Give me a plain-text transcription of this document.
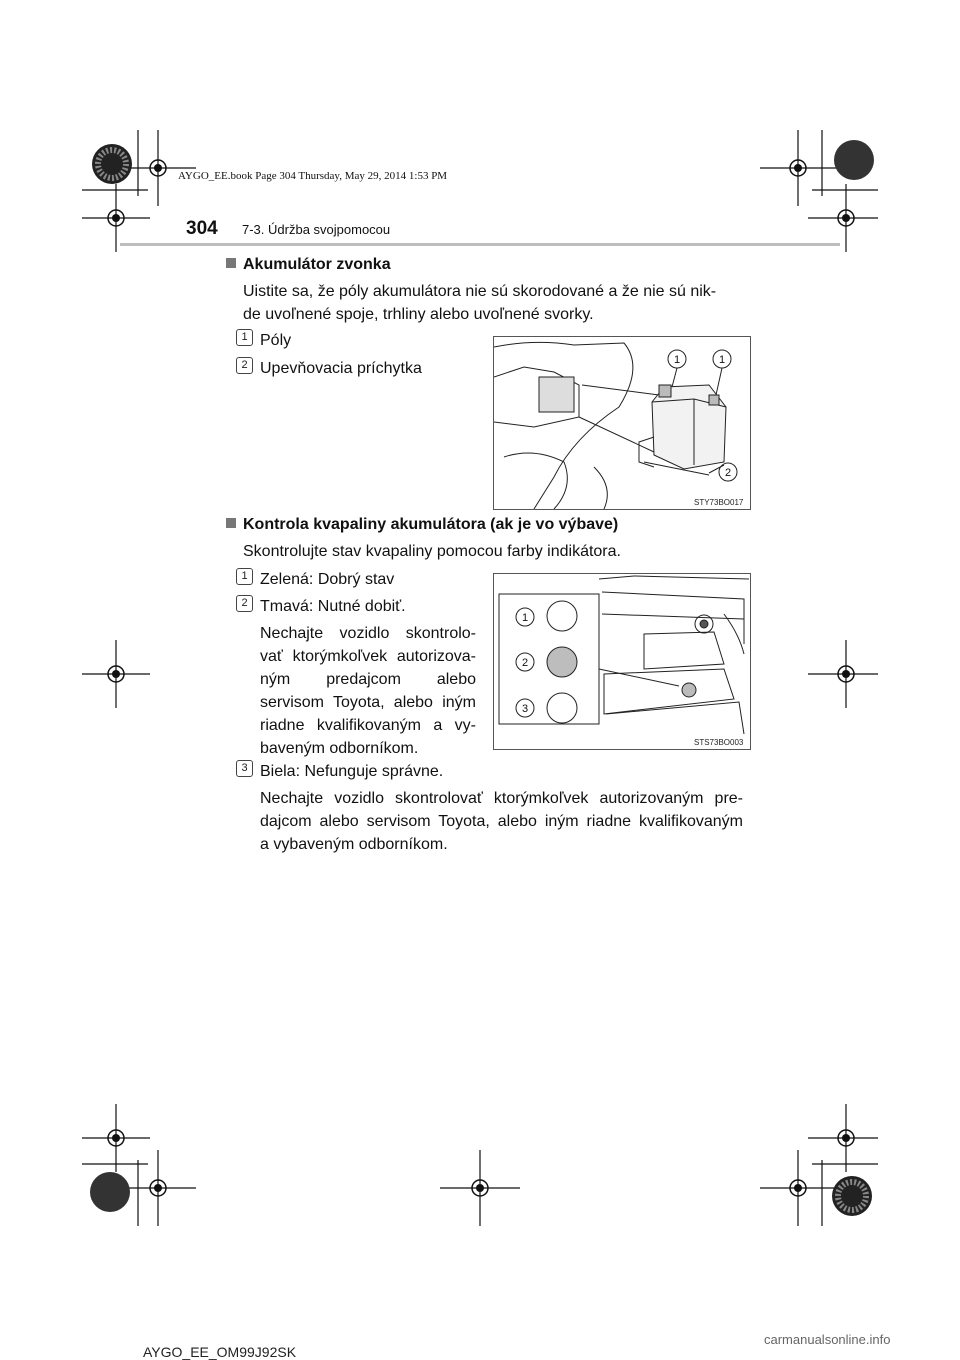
AYGO_EE.book Page 304 Thursday, May 29, 2014 1:53 PM
304 7-3. Údržba svojpomocou
Akumulátor zvonka
Uistite sa, že póly akumulátora nie sú skorodované a že nie sú nik-
de uvoľnené spoje, trhliny alebo uvoľnené svorky.
1 Póly
2 Upevňovacia príchytka	1	1
2
STY73BO017
Kontrola kvapaliny akumulátora (ak je vo výbave)
Skontrolujte stav kvapaliny pomocou farby indikátora.
1 Zelená: Dobrý stav
2 Tmavá: Nutné dobiť.
Nechajte vozidlo skontrolo-
vať ktorýmkoľvek autorizova-
ným predajcom alebo
servisom Toyota, alebo iným
riadne kvalifikovaným a vy-
baveným odborníkom.
1
2
3
STS73BO003
3 Biela: Nefunguje správne.
Nechajte vozidlo skontrolovať ktorýmkoľvek autorizovaným pre-
dajcom alebo servisom Toyota, alebo iným riadne kvalifikovaným
a vybaveným odborníkom.
AYGO_EE_OM99J92SK
carmanualsonline.info
